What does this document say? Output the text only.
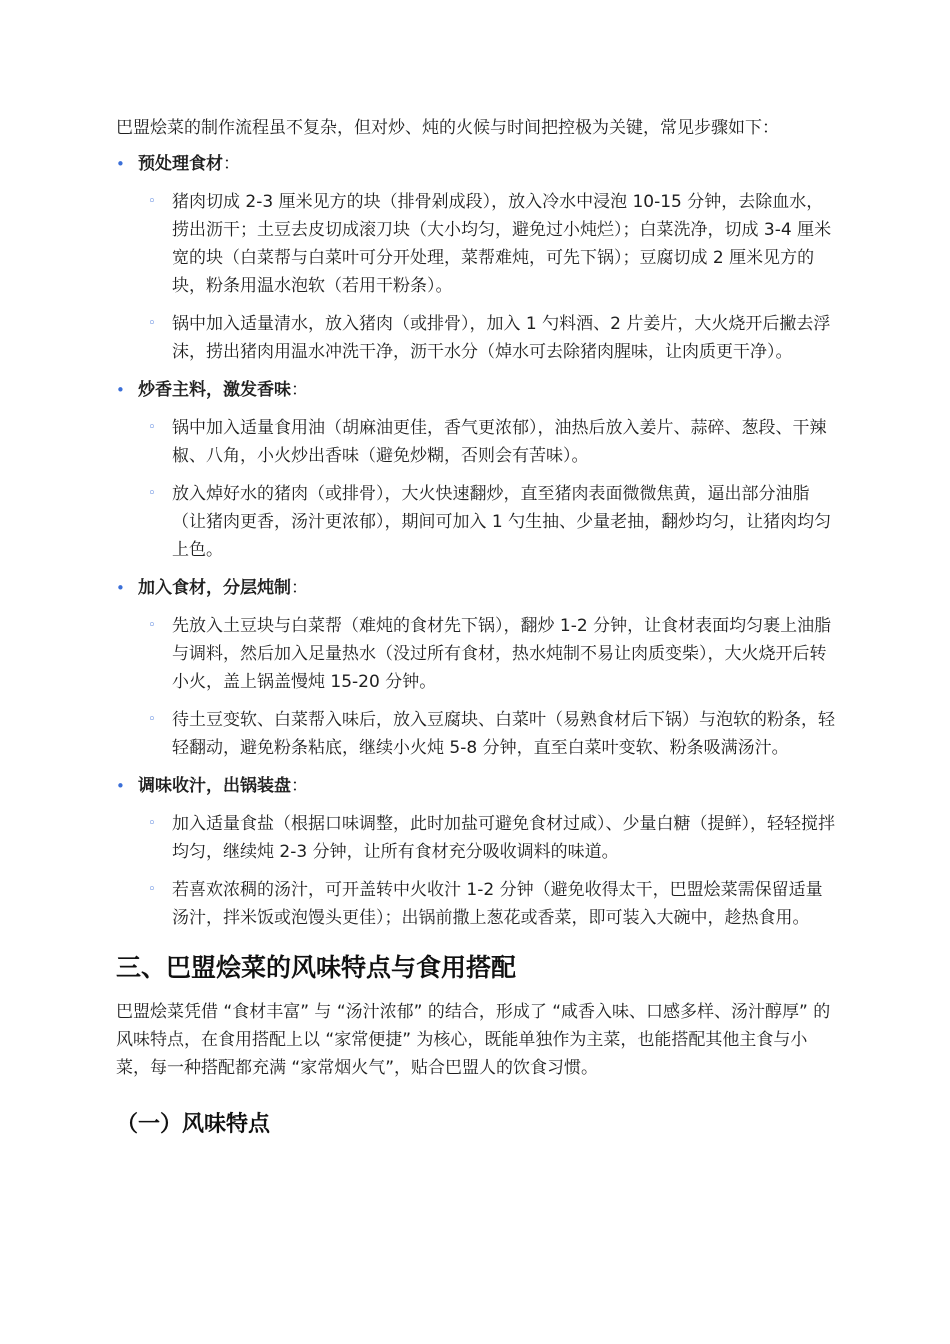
巴盟烩菜的制作流程虽不复杂，但对炒、炖的火候与时间把控极为关键，常见步骤如下：

• 预处理食材：
◦ 猪肉切成 2-3 厘米见方的块（排骨剁成段），放入冷水中浸泡 10-15 分钟，去除血水，捞出沥干；土豆去皮切成滚刀块（大小均匀，避免过小炖烂）；白菜洗净，切成 3-4 厘米宽的块（白菜帮与白菜叶可分开处理，菜帮难炖，可先下锅）；豆腐切成 2 厘米见方的块，粉条用温水泡软（若用干粉条）。
◦ 锅中加入适量清水，放入猪肉（或排骨），加入 1 勺料酒、2 片姜片，大火烧开后撇去浮沫，捞出猪肉用温水冲洗干净，沥干水分（焯水可去除猪肉腥味，让肉质更干净）。
• 炒香主料，激发香味：
◦ 锅中加入适量食用油（胡麻油更佳，香气更浓郁），油热后放入姜片、蒜碎、葱段、干辣椒、八角，小火炒出香味（避免炒糊，否则会有苦味）。
◦ 放入焯好水的猪肉（或排骨），大火快速翻炒，直至猪肉表面微微焦黄，逼出部分油脂（让猪肉更香，汤汁更浓郁），期间可加入 1 勺生抽、少量老抽，翻炒均匀，让猪肉均匀上色。
• 加入食材，分层炖制：
◦ 先放入土豆块与白菜帮（难炖的食材先下锅），翻炒 1-2 分钟，让食材表面均匀裹上油脂与调料，然后加入足量热水（没过所有食材，热水炖制不易让肉质变柴），大火烧开后转小火，盖上锅盖慢炖 15-20 分钟。
◦ 待土豆变软、白菜帮入味后，放入豆腐块、白菜叶（易熟食材后下锅）与泡软的粉条，轻轻翻动，避免粉条粘底，继续小火炖 5-8 分钟，直至白菜叶变软、粉条吸满汤汁。
• 调味收汁，出锅装盘：
◦ 加入适量食盐（根据口味调整，此时加盐可避免食材过咸）、少量白糖（提鲜），轻轻搅拌均匀，继续炖 2-3 分钟，让所有食材充分吸收调料的味道。
◦ 若喜欢浓稠的汤汁，可开盖转中火收汁 1-2 分钟（避免收得太干，巴盟烩菜需保留适量汤汁，拌米饭或泡馒头更佳）；出锅前撒上葱花或香菜，即可装入大碗中，趁热食用。
三、巴盟烩菜的风味特点与食用搭配

巴盟烩菜凭借 “食材丰富” 与 “汤汁浓郁” 的结合，形成了 “咸香入味、口感多样、汤汁醇厚” 的风味特点，在食用搭配上以 “家常便捷” 为核心，既能单独作为主菜，也能搭配其他主食与小菜，每一种搭配都充满 “家常烟火气”，贴合巴盟人的饮食习惯。

（一）风味特点
